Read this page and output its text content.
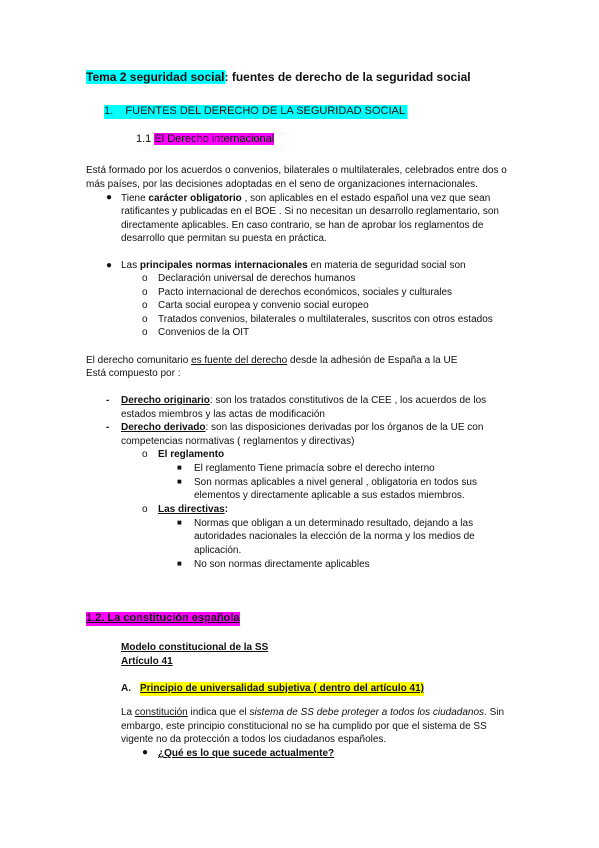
Tema 2 seguridad social: fuentes de derecho de la seguridad social
1. FUENTES DEL DERECHO DE LA SEGURIDAD SOCIAL
1.1 El Derecho internacional
Está formado por los acuerdos o convenios, bilaterales o multilaterales, celebrados entre dos o
más países, por las decisiones adoptadas en el seno de organizaciones internacionales.
● Tiene carácter obligatorio , son aplicables en el estado español una vez que sean
ratificantes y publicadas en el BOE . Si no necesitan un desarrollo reglamentario, son
directamente aplicables. En caso contrario, se han de aprobar los reglamentos de
desarrollo que permitan su puesta en práctica.
● Las principales normas internacionales en materia de seguridad social son
o Declaración universal de derechos humanos
o Pacto internacional de derechos económicos, sociales y culturales
o Carta social europea y convenio social europeo
o Tratados convenios, bilaterales o multilaterales, suscritos con otros estados
o Convenios de la OIT
El derecho comunitario es fuente del derecho desde la adhesión de España a la UE
Está compuesto por :
- Derecho originario: son los tratados constitutivos de la CEE , los acuerdos de los
estados miembros y las actas de modificación
- Derecho derivado: son las disposiciones derivadas por los órganos de la UE con
competencias normativas ( reglamentos y directivas)
o El reglamento
■ El reglamento Tiene primacía sobre el derecho interno
■ Son normas aplicables a nivel general , obligatoria en todos sus
elementos y directamente aplicable a sus estados miembros.
o Las directivas:
■ Normas que obligan a un determinado resultado, dejando a las
autoridades nacionales la elección de la norma y los medios de
aplicación.
■ No son normas directamente aplicables
1.2. La constitución española
Modelo constitucional de la SS
Artículo 41
A. Principio de universalidad subjetiva ( dentro del artículo 41)
La constitución indica que el sistema de SS debe proteger a todos los ciudadanos. Sin
embargo, este principio constitucional no se ha cumplido por que el sistema de SS
vigente no da protección a todos los ciudadanos españoles.
● ¿Qué es lo que sucede actualmente?
